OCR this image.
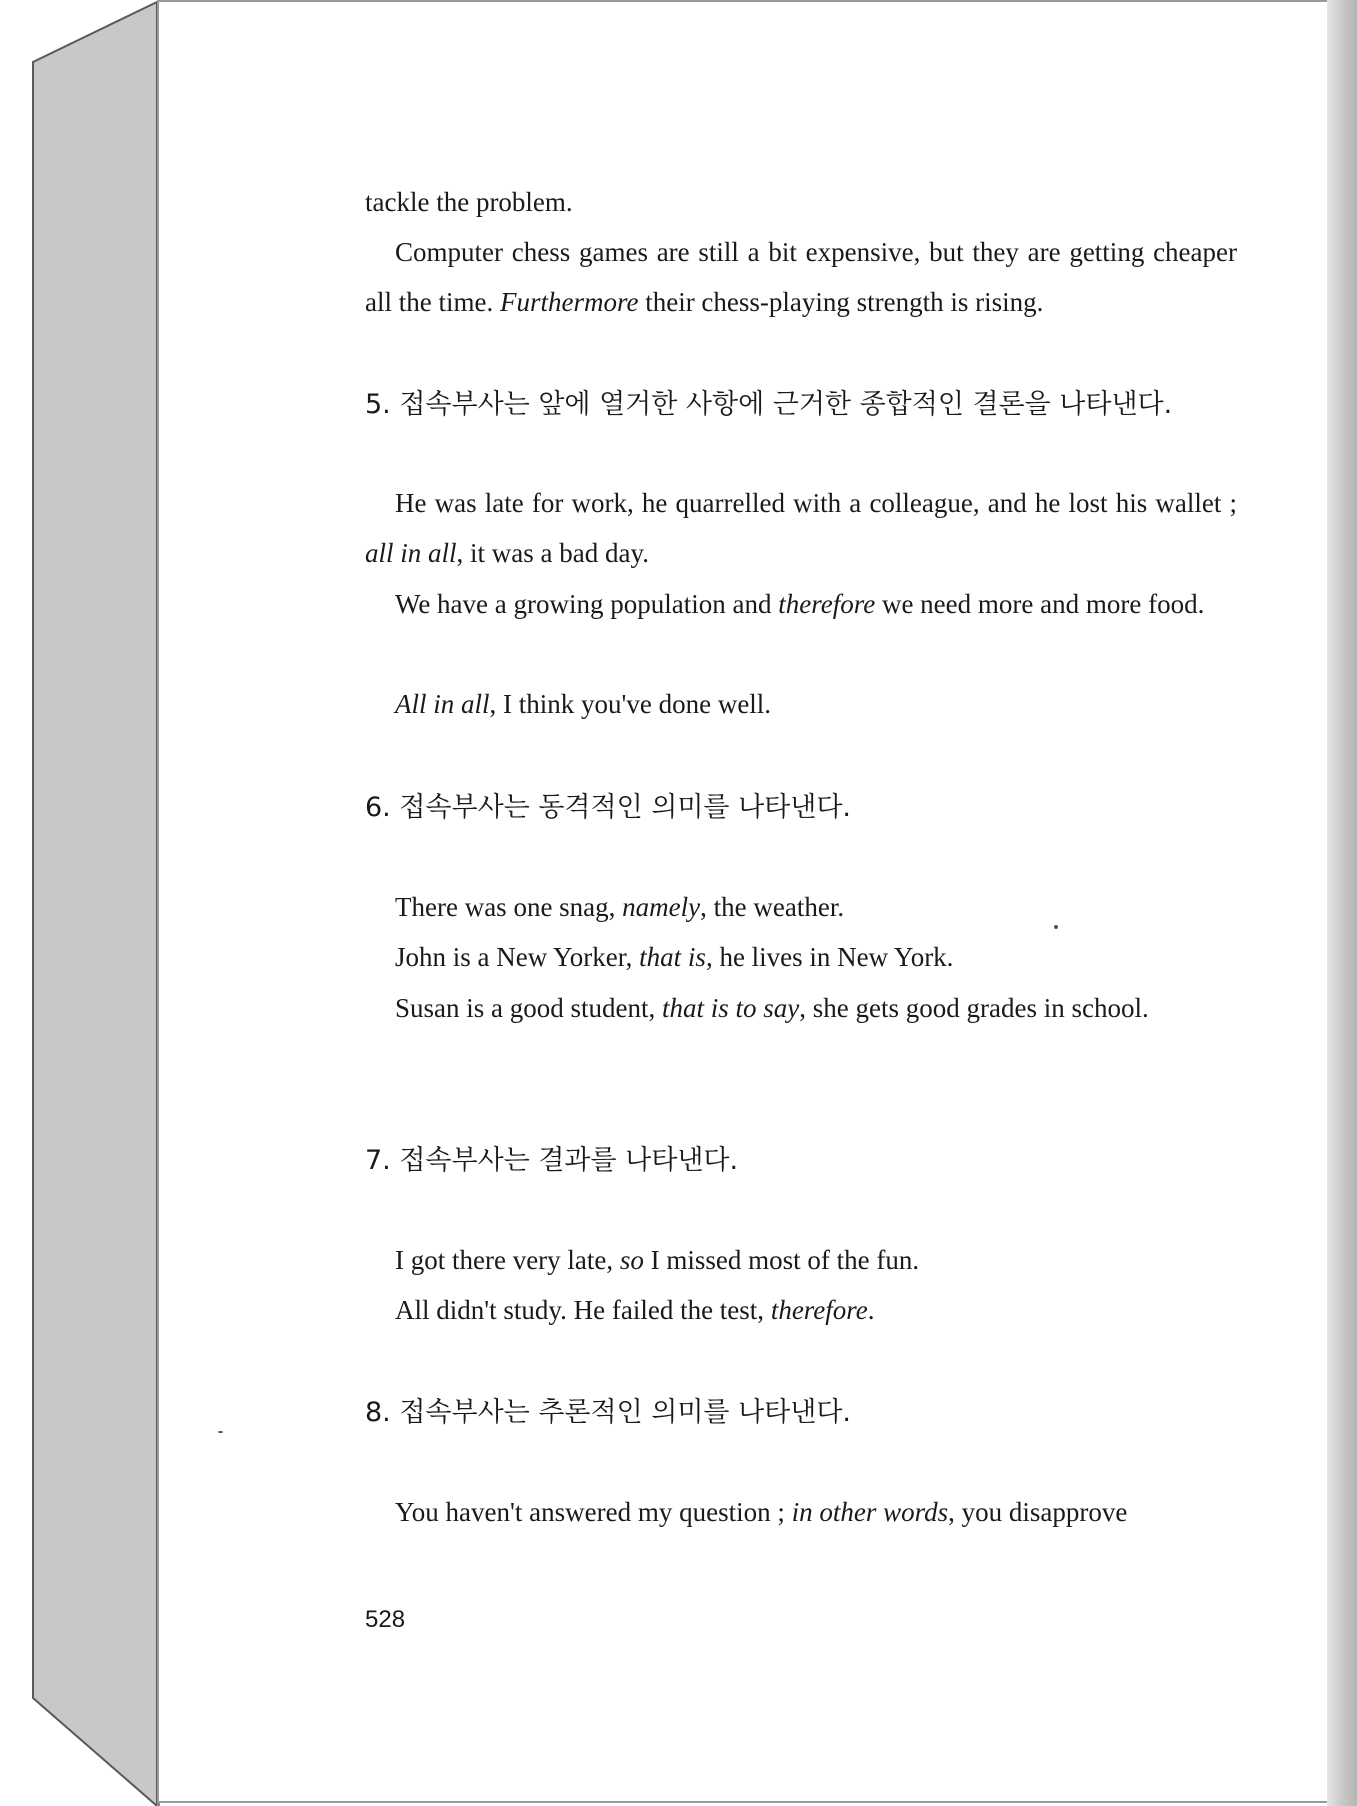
tackle the problem.

Computer chess games are still a bit expensive, but they are getting cheaper all the time. Furthermore their chess-playing strength is rising.

5. 접속부사는 앞에 열거한 사항에 근거한 종합적인 결론을 나타낸다.

He was late for work, he quarrelled with a colleague, and he lost his wallet ; all in all, it was a bad day.

We have a growing population and therefore we need more and more food.

All in all, I think you've done well.

6. 접속부사는 동격적인 의미를 나타낸다.

There was one snag, namely, the weather.

John is a New Yorker, that is, he lives in New York.

Susan is a good student, that is to say, she gets good grades in school.

7. 접속부사는 결과를 나타낸다.

I got there very late, so I missed most of the fun.

All didn't study. He failed the test, therefore.

8. 접속부사는 추론적인 의미를 나타낸다.

You haven't answered my question ; in other words, you disapprove

528
